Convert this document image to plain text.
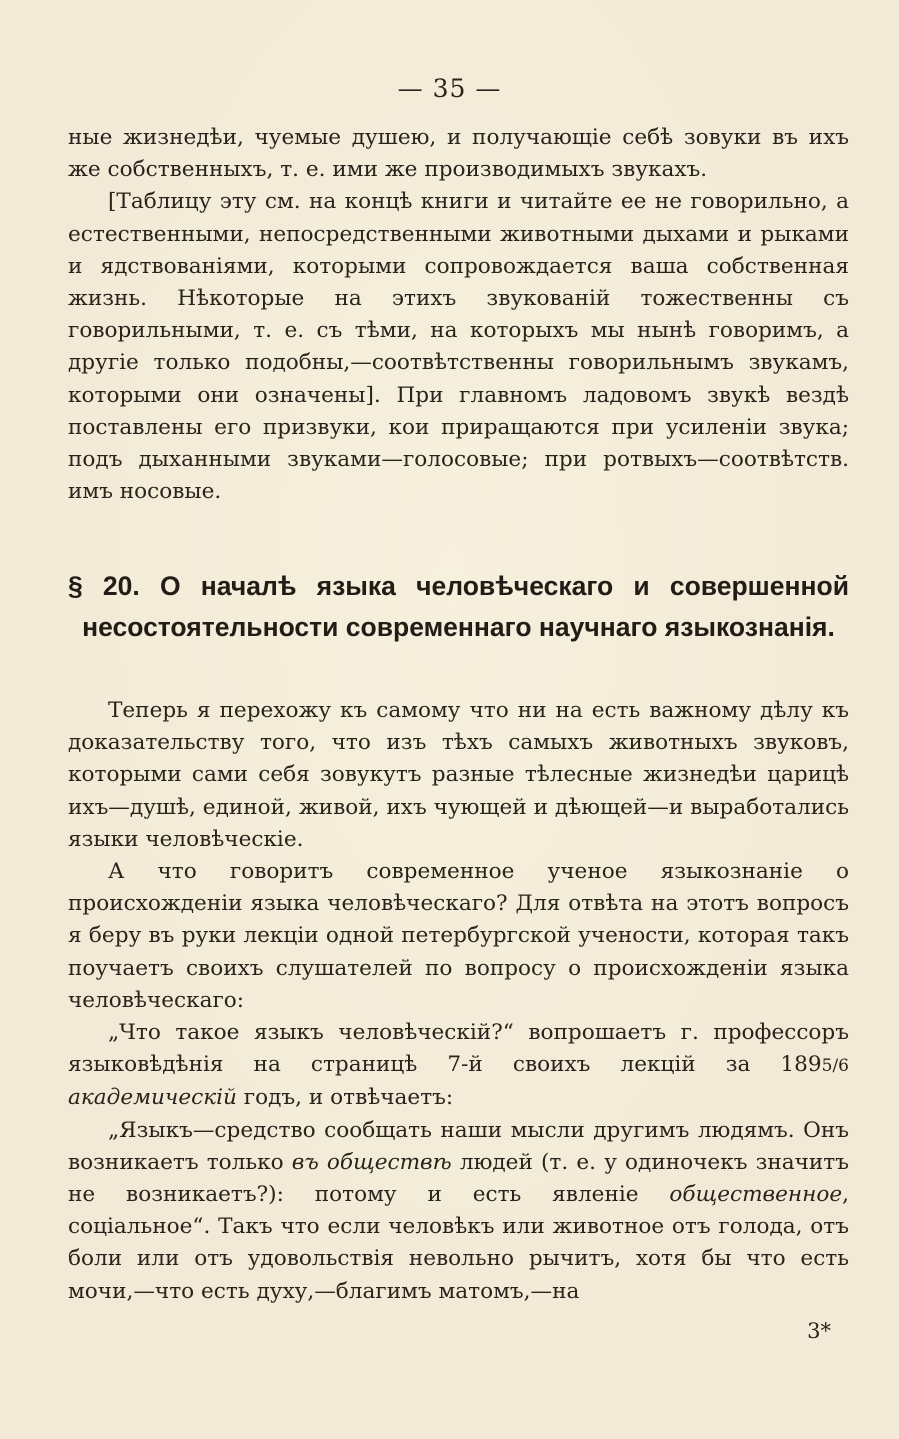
— 35 —

ные жизнедѣи, чуемые душею, и получающіе себѣ зовуки въ ихъ же собственныхъ, т. е. ими же производимыхъ звукахъ.

[Таблицу эту см. на концѣ книги и читайте ее не говорильно, а естественными, непосредственными животными дыхами и рыками и ядствованіями, которыми сопровождается ваша собственная жизнь. Нѣкоторые на этихъ звукованій тожественны съ говорильными, т. е. съ тѣми, на которыхъ мы нынѣ говоримъ, а другіе только подобны,—соотвѣтственны говорильнымъ звукамъ, которыми они означены]. При главномъ ладовомъ звукѣ вездѣ поставлены его призвуки, кои приращаются при усиленіи звука; подъ дыханными звуками—голосовые; при ротвыхъ—соотвѣтств. имъ носовые.

§ 20. О началѣ языка человѣческаго и совершенной несостоятельности современнаго научнаго языкознанія.

Теперь я перехожу къ самому что ни на есть важному дѣлу къ доказательству того, что изъ тѣхъ самыхъ животныхъ звуковъ, которыми сами себя зовукутъ разные тѣлесные жизнедѣи царицѣ ихъ—душѣ, единой, живой, ихъ чующей и дѣющей—и выработались языки человѣческіе.

А что говоритъ современное ученое языкознаніе о происхожденіи языка человѣческаго? Для отвѣта на этотъ вопросъ я беру въ руки лекціи одной петербургской учености, которая такъ поучаетъ своихъ слушателей по вопросу о происхожденіи языка человѣческаго:

„Что такое языкъ человѣческій?“ вопрошаетъ г. профессоръ языковѣдѣнія на страницѣ 7-й своихъ лекцій за 1895/6 академическій годъ, и отвѣчаетъ:

„Языкъ—средство сообщать наши мысли другимъ людямъ. Онъ возникаетъ только въ обществѣ людей (т. е. у одиночекъ значитъ не возникаетъ?): потому и есть явленіе общественное, соціальное“. Такъ что если человѣкъ или животное отъ голода, отъ боли или отъ удовольствія невольно рычитъ, хотя бы что есть мочи,—что есть духу,—благимъ матомъ,—на

3*
